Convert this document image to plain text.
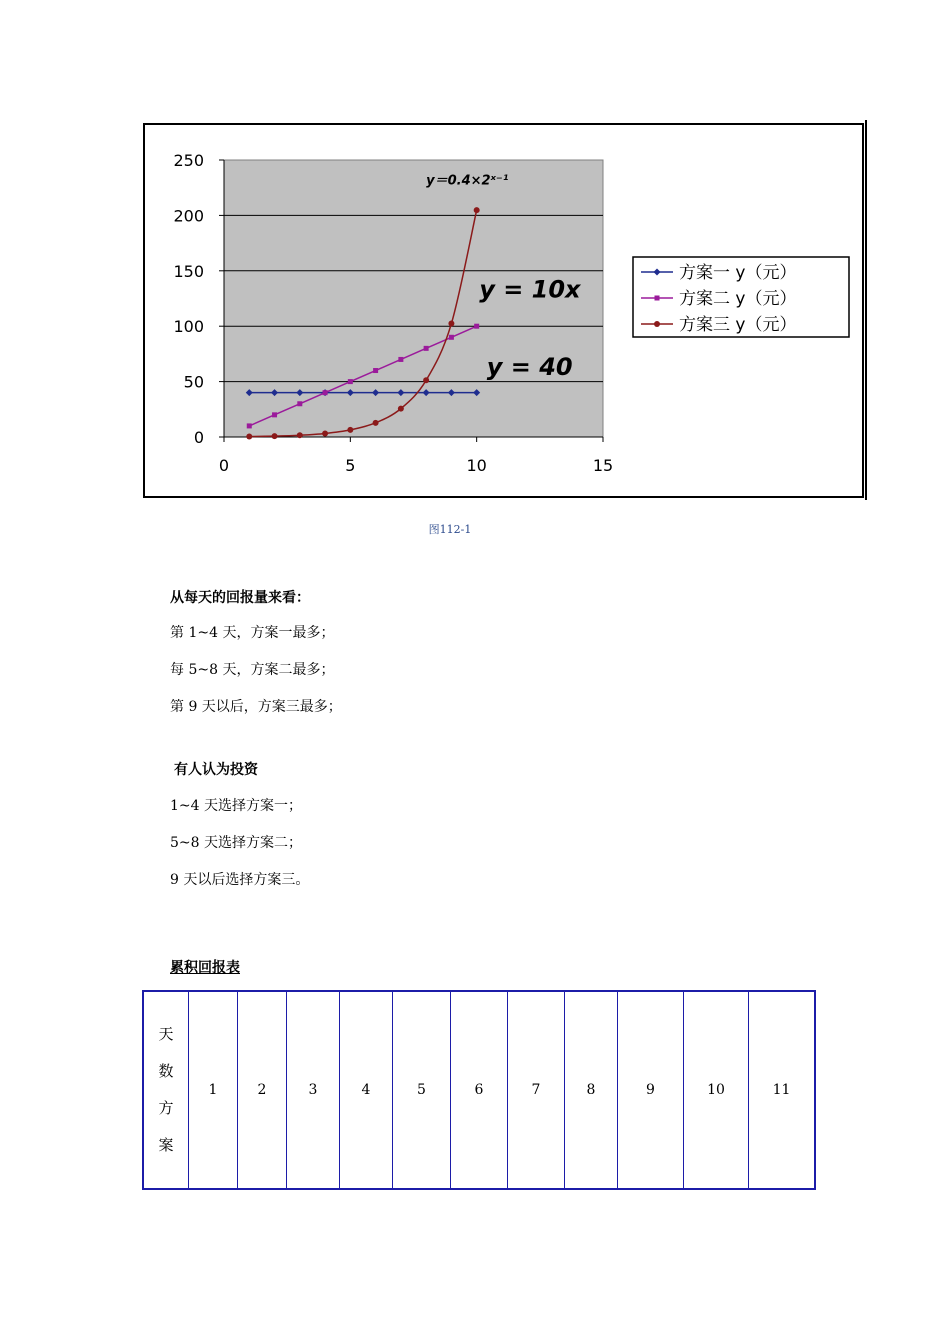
0
50
100
150
200
250
0	5	10	15
y＝0.4×2ˣ⁻¹
y = 10x
y = 40
方案一 y（元）
方案二 y（元）
方案三 y（元）
图112-1
从每天的回报量来看：
第 1~4 天，方案一最多；
每 5~8 天，方案二最多；
第 9 天以后，方案三最多；
有人认为投资
1~4 天选择方案一；
5~8 天选择方案二；
9 天以后选择方案三。
累积回报表
天
数
方
案
	1	2	3	4	5	6	7	8	9	10	11
